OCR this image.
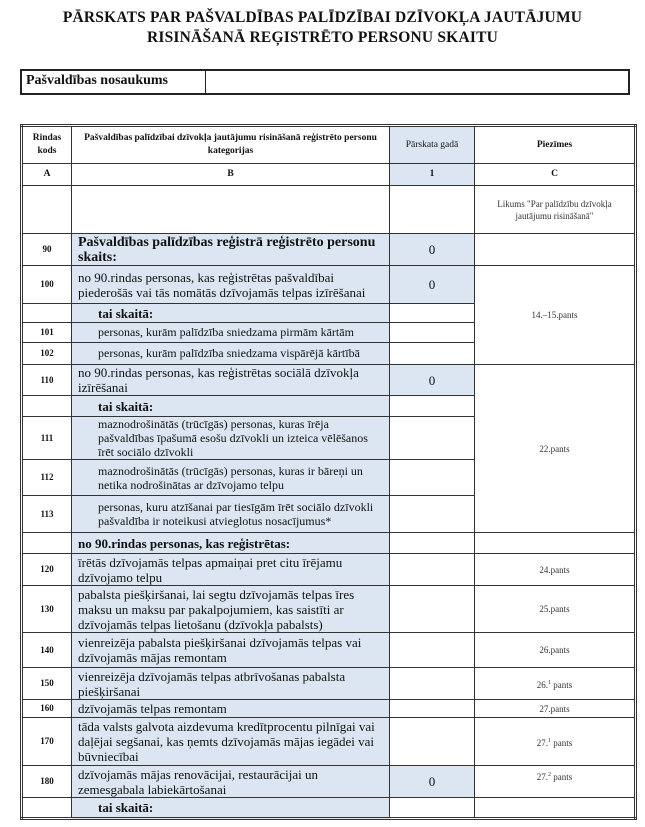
PĀRSKATS PAR PAŠVALDĪBAS PALĪDZĪBAI DZĪVOKĻA JAUTĀJUMU
RISINĀŠANĀ REĢISTRĒTO PERSONU SKAITU
Pašvaldības nosaukums
Rindas kods	Pašvaldības palīdzībai dzīvokļa jautājumu risināšanā reģistrēto personu kategorijas	Pārskata gadā	Piezīmes
A	B	1	C
			Likums "Par palīdzību dzīvokļa jautājumu risināšanā"
90	Pašvaldības palīdzības reģistrā reģistrēto personu skaits:	0	
100	no 90.rindas personas, kas reģistrētas pašvaldībai piederošās vai tās nomātās dzīvojamās telpas izīrēšanai	0	14.–15.pants
	tai skaitā:		
101	personas, kurām palīdzība sniedzama pirmām kārtām		
102	personas, kurām palīdzība sniedzama vispārējā kārtībā		
110	no 90.rindas personas, kas reģistrētas sociālā dzīvokļa izīrēšanai	0	22.pants
	tai skaitā:		
111	maznodrošinātās (trūcīgās) personas, kuras īrēja pašvaldības īpašumā esošu dzīvokli un izteica vēlēšanos īrēt sociālo dzīvokli		
112	maznodrošinātās (trūcīgās) personas, kuras ir bāreņi un netika nodrošinātas ar dzīvojamo telpu		
113	personas, kuru atzīšanai par tiesīgām īrēt sociālo dzīvokli pašvaldība ir noteikusi atvieglotus nosacījumus*		
	no 90.rindas personas, kas reģistrētas:		
120	īrētās dzīvojamās telpas apmaiņai pret citu īrējamu dzīvojamo telpu		24.pants
130	pabalsta piešķiršanai, lai segtu dzīvojamās telpas īres maksu un maksu par pakalpojumiem, kas saistīti ar dzīvojamās telpas lietošanu (dzīvokļa pabalsts)		25.pants
140	vienreizēja pabalsta piešķiršanai dzīvojamās telpas vai dzīvojamās mājas remontam		26.pants
150	vienreizēja dzīvojamās telpas atbrīvošanas pabalsta piešķiršanai		26.$^1$ pants
160	dzīvojamās telpas remontam		27.pants
170	tāda valsts galvota aizdevuma kredītprocentu pilnīgai vai daļējai segšanai, kas ņemts dzīvojamās mājas iegādei vai būvniecībai		27.$^1$ pants
180	dzīvojamās mājas renovācijai, restaurācijai un zemesgabala labiekārtošanai	0	27.$^2$ pants
	tai skaitā:		
